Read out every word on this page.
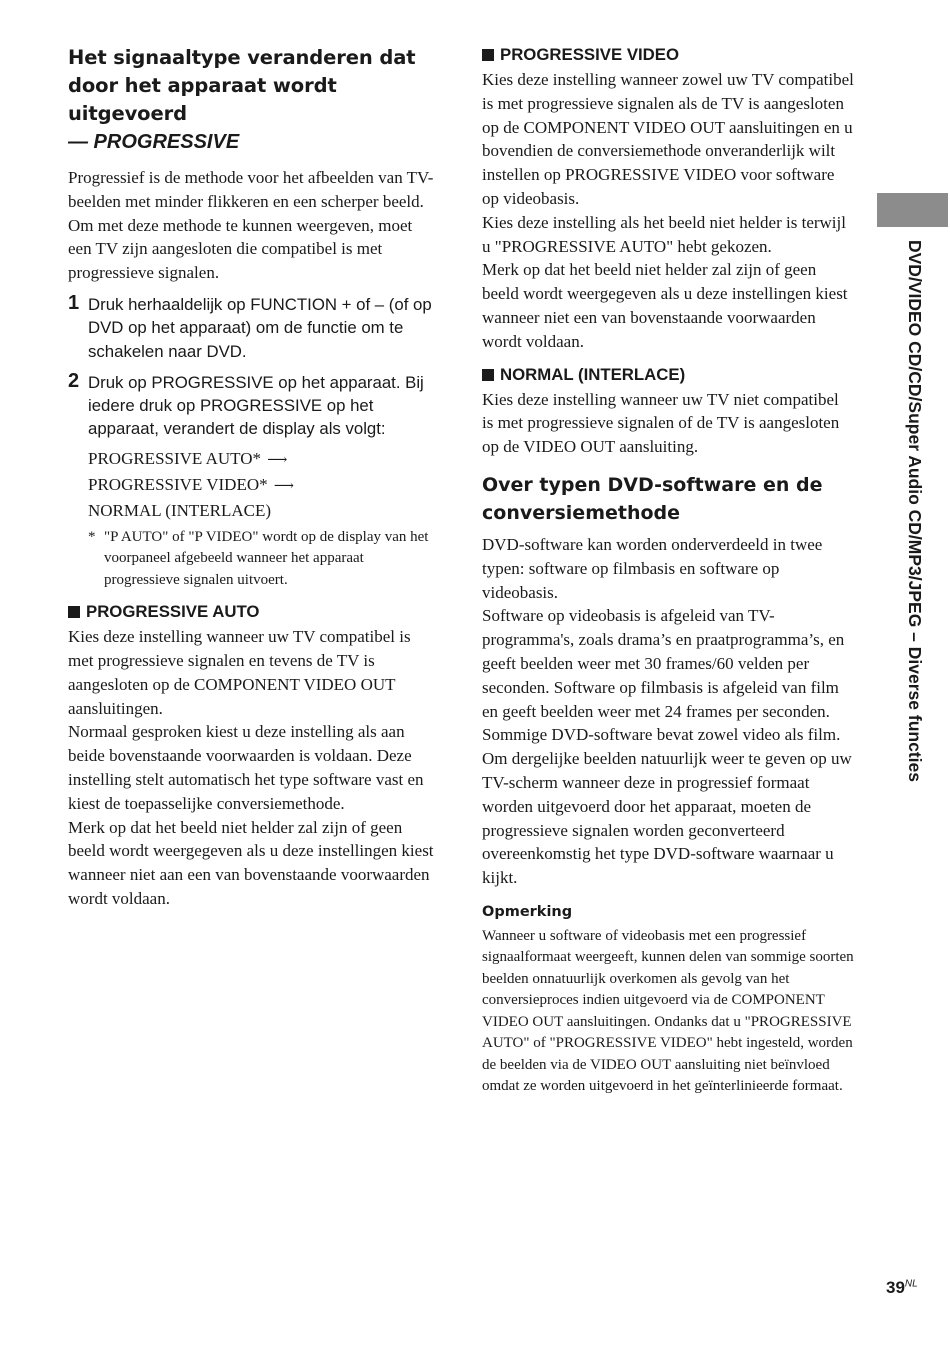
Het signaaltype veranderen dat door het apparaat wordt uitgevoerd
— PROGRESSIVE

Progressief is de methode voor het afbeelden van TV-beelden met minder flikkeren en een scherper beeld. Om met deze methode te kunnen weergeven, moet een TV zijn aangesloten die compatibel is met progressieve signalen.

1 Druk herhaaldelijk op FUNCTION + of – (of op DVD op het apparaat) om de functie om te schakelen naar DVD.

2 Druk op PROGRESSIVE op het apparaat. Bij iedere druk op PROGRESSIVE op het apparaat, verandert de display als volgt:

PROGRESSIVE AUTO* ⟶
PROGRESSIVE VIDEO* ⟶
NORMAL (INTERLACE)
* "P AUTO" of "P VIDEO" wordt op de display van het voorpaneel afgebeeld wanneer het apparaat progressieve signalen uitvoert.

PROGRESSIVE AUTO

Kies deze instelling wanneer uw TV compatibel is met progressieve signalen en tevens de TV is aangesloten op de COMPONENT VIDEO OUT aansluitingen.

Normaal gesproken kiest u deze instelling als aan beide bovenstaande voorwaarden is voldaan. Deze instelling stelt automatisch het type software vast en kiest de toepasselijke conversiemethode.

Merk op dat het beeld niet helder zal zijn of geen beeld wordt weergegeven als u deze instellingen kiest wanneer niet aan een van bovenstaande voorwaarden wordt voldaan.

PROGRESSIVE VIDEO

Kies deze instelling wanneer zowel uw TV compatibel is met progressieve signalen als de TV is aangesloten op de COMPONENT VIDEO OUT aansluitingen en u bovendien de conversiemethode onveranderlijk wilt instellen op PROGRESSIVE VIDEO voor software op videobasis.

Kies deze instelling als het beeld niet helder is terwijl u "PROGRESSIVE AUTO" hebt gekozen.

Merk op dat het beeld niet helder zal zijn of geen beeld wordt weergegeven als u deze instellingen kiest wanneer niet een van bovenstaande voorwaarden wordt voldaan.

NORMAL (INTERLACE)

Kies deze instelling wanneer uw TV niet compatibel is met progressieve signalen of de TV is aangesloten op de VIDEO OUT aansluiting.

Over typen DVD-software en de conversiemethode

DVD-software kan worden onderverdeeld in twee typen: software op filmbasis en software op videobasis.

Software op videobasis is afgeleid van TV-programma's, zoals drama’s en praatprogramma’s, en geeft beelden weer met 30 frames/60 velden per seconden. Software op filmbasis is afgeleid van film en geeft beelden weer met 24 frames per seconden. Sommige DVD-software bevat zowel video als film.

Om dergelijke beelden natuurlijk weer te geven op uw TV-scherm wanneer deze in progressief formaat worden uitgevoerd door het apparaat, moeten de progressieve signalen worden geconverteerd overeenkomstig het type DVD-software waarnaar u kijkt.

Opmerking

Wanneer u software of videobasis met een progressief signaalformaat weergeeft, kunnen delen van sommige soorten beelden onnatuurlijk overkomen als gevolg van het conversieproces indien uitgevoerd via de COMPONENT VIDEO OUT aansluitingen. Ondanks dat u "PROGRESSIVE AUTO" of "PROGRESSIVE VIDEO" hebt ingesteld, worden de beelden via de VIDEO OUT aansluiting niet beïnvloed omdat ze worden uitgevoerd in het geïnterlinieerde formaat.

DVD/VIDEO CD/CD/Super Audio CD/MP3/JPEG – Diverse functies
$39^{NL}$
